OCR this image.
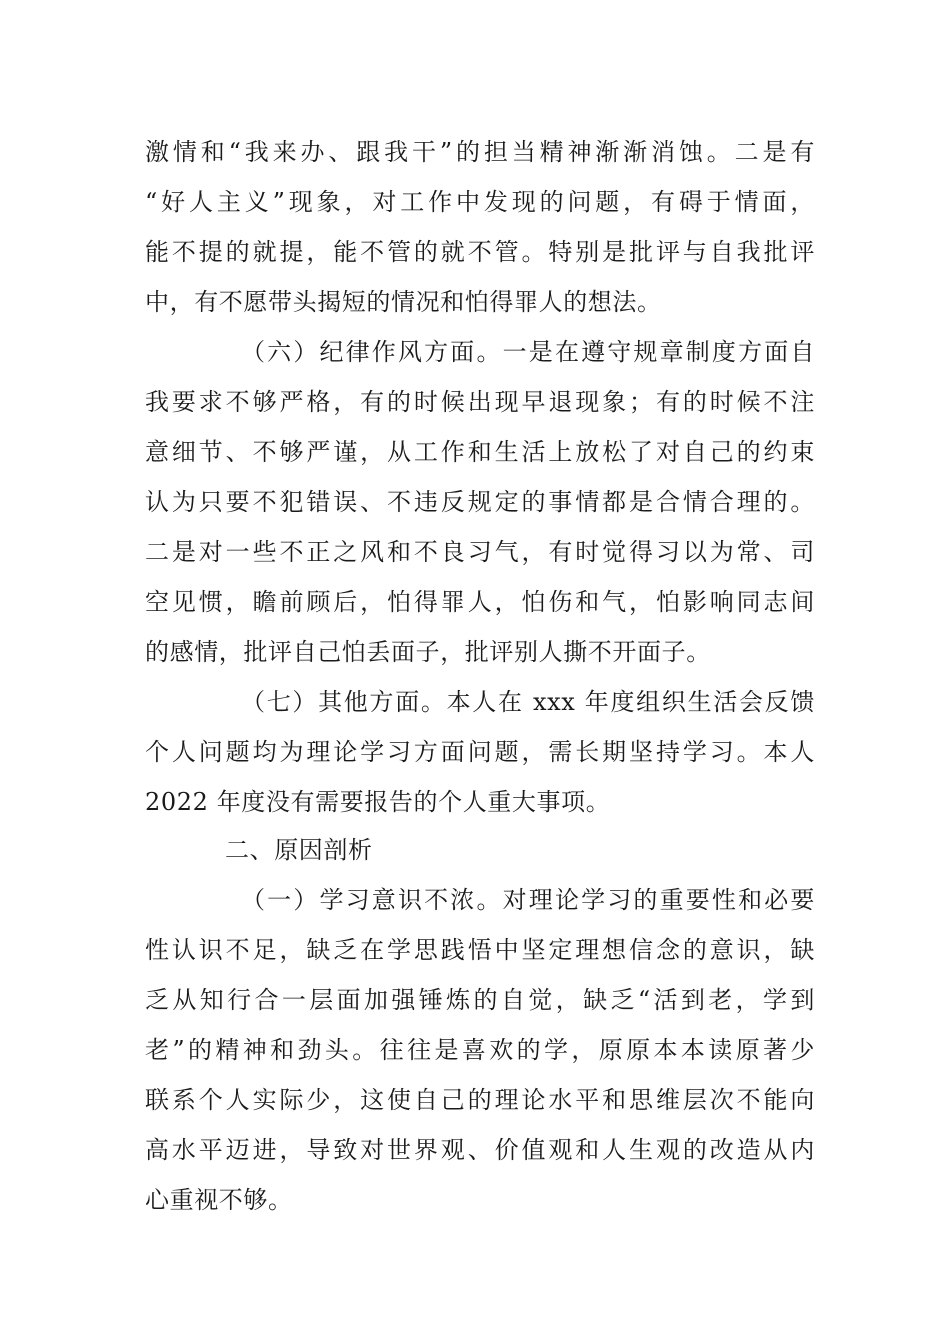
激情和“我来办、跟我干”的担当精神渐渐消蚀。二是有
“好人主义”现象，对工作中发现的问题，有碍于情面，
能不提的就提，能不管的就不管。特别是批评与自我批评
中，有不愿带头揭短的情况和怕得罪人的想法。
（六）纪律作风方面。一是在遵守规章制度方面自
我要求不够严格，有的时候出现早退现象；有的时候不注
意细节、不够严谨，从工作和生活上放松了对自己的约束
认为只要不犯错误、不违反规定的事情都是合情合理的。
二是对一些不正之风和不良习气，有时觉得习以为常、司
空见惯，瞻前顾后，怕得罪人，怕伤和气，怕影响同志间
的感情，批评自己怕丢面子，批评别人撕不开面子。
（七）其他方面。本人在 xxx 年度组织生活会反馈
个人问题均为理论学习方面问题，需长期坚持学习。本人
2022 年度没有需要报告的个人重大事项。
二、原因剖析
（一）学习意识不浓。对理论学习的重要性和必要
性认识不足，缺乏在学思践悟中坚定理想信念的意识，缺
乏从知行合一层面加强锤炼的自觉，缺乏“活到老，学到
老”的精神和劲头。往往是喜欢的学，原原本本读原著少
联系个人实际少，这使自己的理论水平和思维层次不能向
高水平迈进，导致对世界观、价值观和人生观的改造从内
心重视不够。
